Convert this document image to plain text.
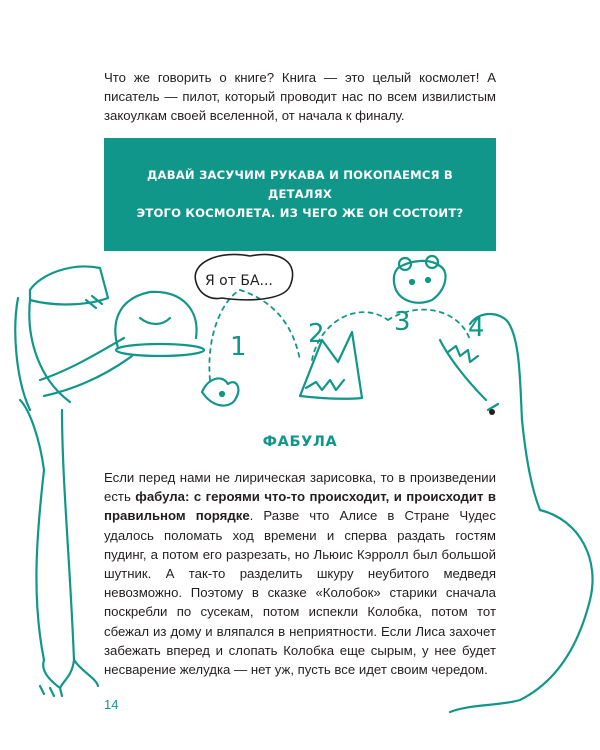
Что же говорить о книге? Книга — это целый космолет! А писатель — пилот, который проводит нас по всем извилистым закоулкам своей вселенной, от начала к финалу.

ДАВАЙ ЗАСУЧИМ РУКАВА И ПОКОПАЕМСЯ В ДЕТАЛЯХ
ЭТОГО КОСМОЛЕТА. ИЗ ЧЕГО ЖЕ ОН СОСТОИТ?
Я от БА...
1 2	3 4
ФАБУЛА

Если перед нами не лирическая зарисовка, то в произведении есть фабула: с героями что-то происходит, и происходит в правильном порядке. Разве что Алисе в Стране Чудес удалось поломать ход времени и сперва раздать гостям пудинг, а потом его разрезать, но Льюис Кэрролл был большой шутник. А так-то разделить шкуру неубитого медведя невозможно. Поэтому в сказке «Колобок» старики сначала поскребли по сусекам, потом испекли Колобка, потом тот сбежал из дому и вляпался в неприятности. Если Лиса захочет забежать вперед и слопать Колобка еще сырым, у нее будет несварение желудка — нет уж, пусть все идет своим чередом.

14
